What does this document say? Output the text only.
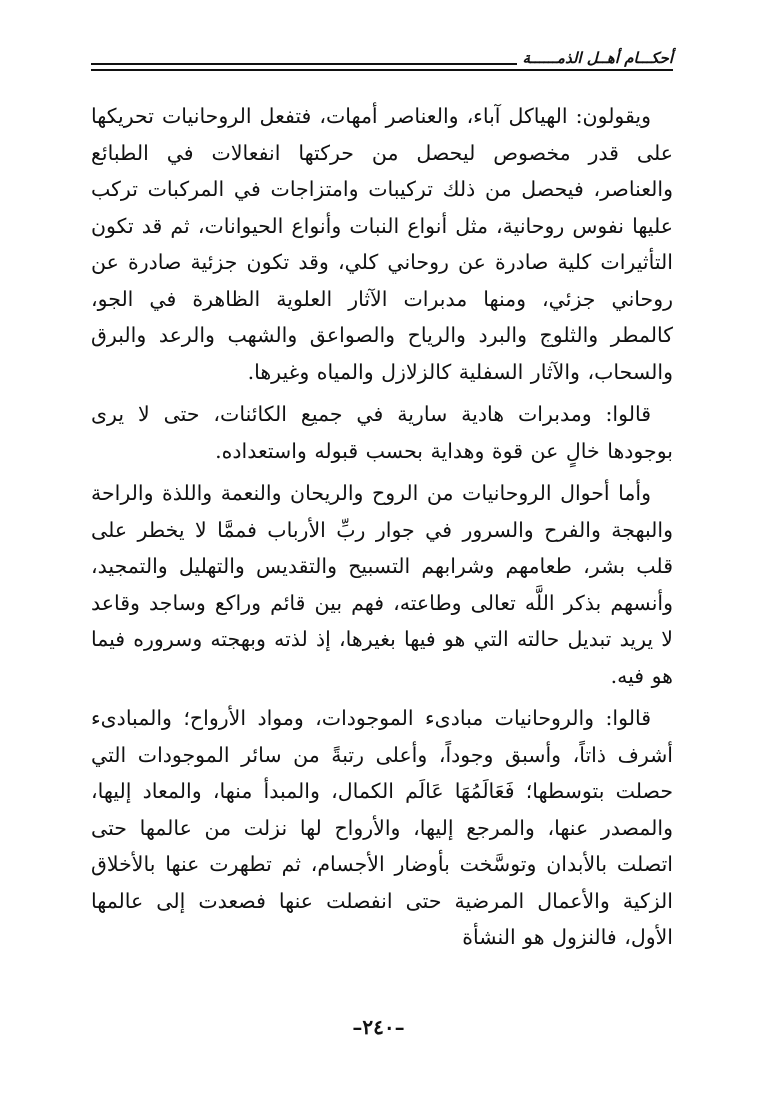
أحكـــام أهــل الذمــــــة

ويقولون: الهياكل آباء، والعناصر أمهات، فتفعل الروحانيات تحريكها على قدر مخصوص ليحصل من حركتها انفعالات في الطبائع والعناصر، فيحصل من ذلك تركيبات وامتزاجات في المركبات تركب عليها نفوس روحانية، مثل أنواع النبات وأنواع الحيوانات، ثم قد تكون التأثيرات كلية صادرة عن روحاني كلي، وقد تكون جزئية صادرة عن روحاني جزئي، ومنها مدبرات الآثار العلوية الظاهرة في الجو، كالمطر والثلوج والبرد والرياح والصواعق والشهب والرعد والبرق والسحاب، والآثار السفلية كالزلازل والمياه وغيرها.

قالوا: ومدبرات هادية سارية في جميع الكائنات، حتى لا يرى بوجودها خالٍ عن قوة وهداية بحسب قبوله واستعداده.

وأما أحوال الروحانيات من الروح والريحان والنعمة واللذة والراحة والبهجة والفرح والسرور في جوار ربِّ الأرباب فممَّا لا يخطر على قلب بشر، طعامهم وشرابهم التسبيح والتقديس والتهليل والتمجيد، وأنسهم بذكر اللَّه تعالى وطاعته، فهم بين قائم وراكع وساجد وقاعد لا يريد تبديل حالته التي هو فيها بغيرها، إذ لذته وبهجته وسروره فيما هو فيه.

قالوا: والروحانيات مبادىء الموجودات، ومواد الأرواح؛ والمبادىء أشرف ذاتاً، وأسبق وجوداً، وأعلى رتبةً من سائر الموجودات التي حصلت بتوسطها؛ فَعَالَمُهَا عَالَم الكمال، والمبدأ منها، والمعاد إليها، والمصدر عنها، والمرجع إليها، والأرواح لها نزلت من عالمها حتى اتصلت بالأبدان وتوسَّخت بأوضار الأجسام، ثم تطهرت عنها بالأخلاق الزكية والأعمال المرضية حتى انفصلت عنها فصعدت إلى عالمها الأول، فالنزول هو النشأة

–٢٤٠–
